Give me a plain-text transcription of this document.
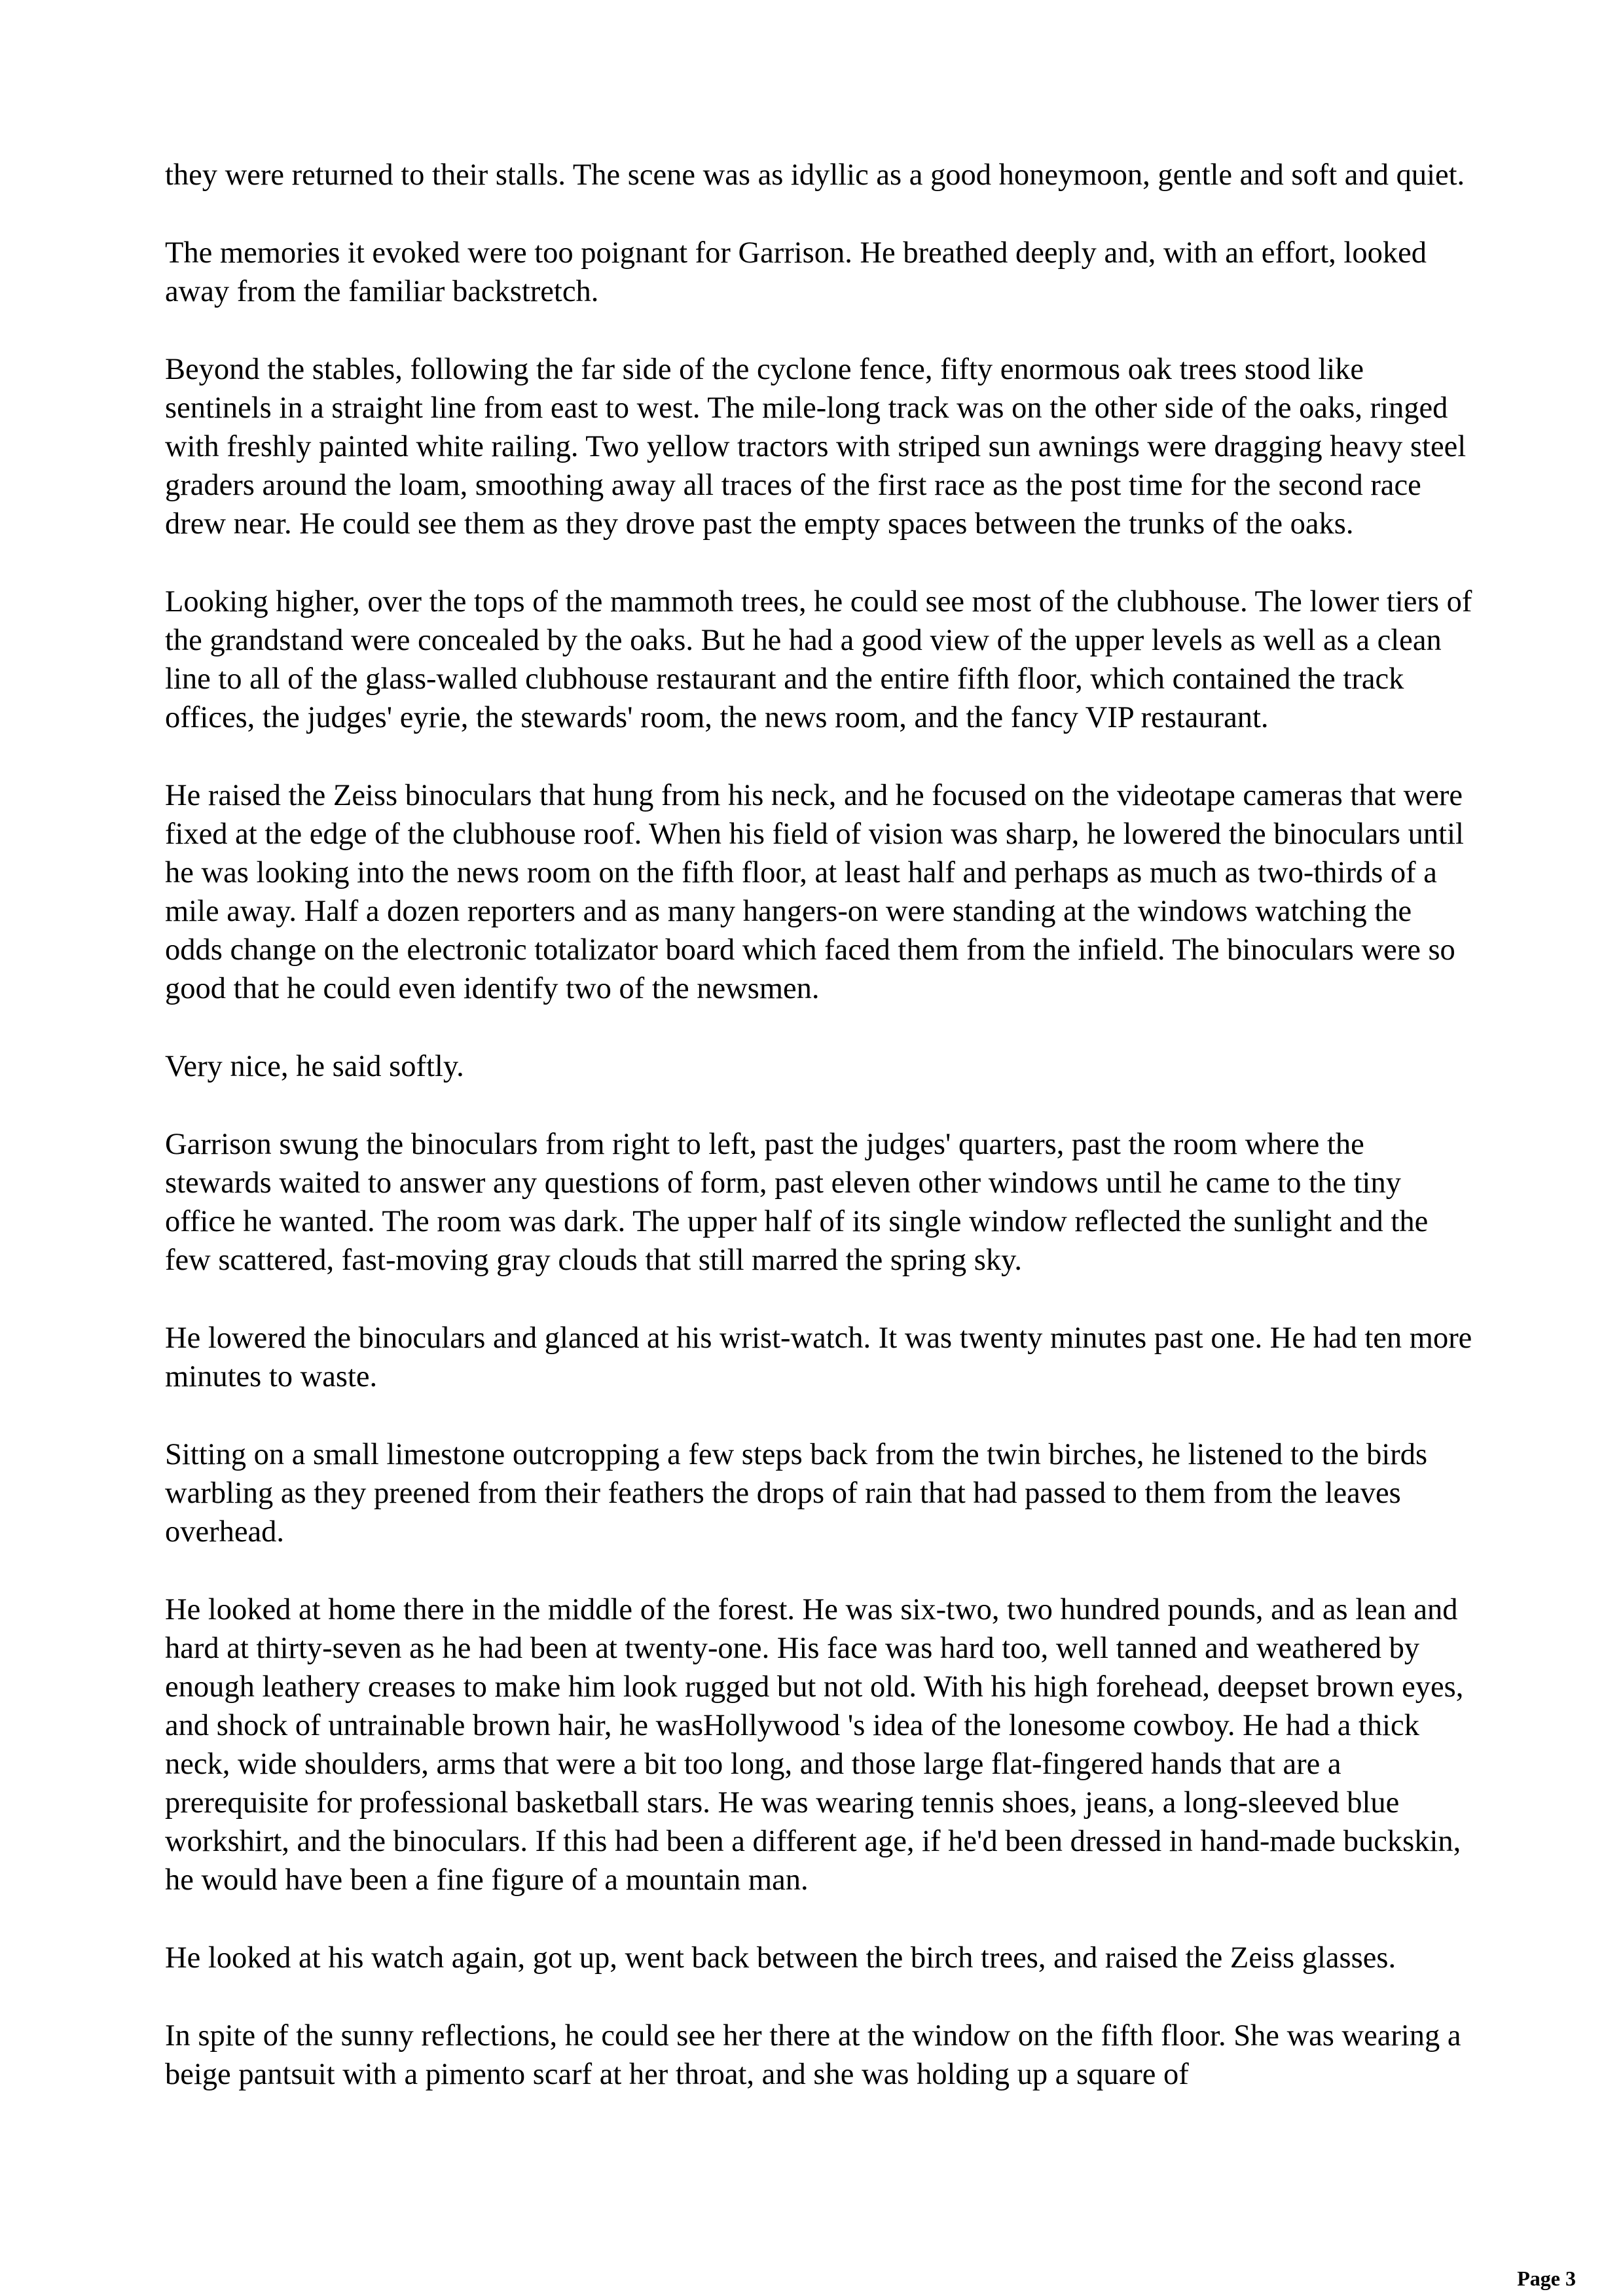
they were returned to their stalls. The scene was as idyllic as a good honeymoon, gentle and soft and quiet.

The memories it evoked were too poignant for Garrison. He breathed deeply and, with an effort, looked away from the familiar backstretch.

Beyond the stables, following the far side of the cyclone fence, fifty enormous oak trees stood like sentinels in a straight line from east to west. The mile-long track was on the other side of the oaks, ringed with freshly painted white railing. Two yellow tractors with striped sun awnings were dragging heavy steel graders around the loam, smoothing away all traces of the first race as the post time for the second race drew near. He could see them as they drove past the empty spaces between the trunks of the oaks.

Looking higher, over the tops of the mammoth trees, he could see most of the clubhouse. The lower tiers of the grandstand were concealed by the oaks. But he had a good view of the upper levels as well as a clean line to all of the glass-walled clubhouse restaurant and the entire fifth floor, which contained the track offices, the judges' eyrie, the stewards' room, the news room, and the fancy VIP restaurant.

He raised the Zeiss binoculars that hung from his neck, and he focused on the videotape cameras that were fixed at the edge of the clubhouse roof. When his field of vision was sharp, he lowered the binoculars until he was looking into the news room on the fifth floor, at least half and perhaps as much as two-thirds of a mile away. Half a dozen reporters and as many hangers-on were standing at the windows watching the odds change on the electronic totalizator board which faced them from the infield. The binoculars were so good that he could even identify two of the newsmen.

Very nice, he said softly.

Garrison swung the binoculars from right to left, past the judges' quarters, past the room where the stewards waited to answer any questions of form, past eleven other windows until he came to the tiny office he wanted. The room was dark. The upper half of its single window reflected the sunlight and the few scattered, fast-moving gray clouds that still marred the spring sky.

He lowered the binoculars and glanced at his wrist-watch. It was twenty minutes past one. He had ten more minutes to waste.

Sitting on a small limestone outcropping a few steps back from the twin birches, he listened to the birds warbling as they preened from their feathers the drops of rain that had passed to them from the leaves overhead.

He looked at home there in the middle of the forest. He was six-two, two hundred pounds, and as lean and hard at thirty-seven as he had been at twenty-one. His face was hard too, well tanned and weathered by enough leathery creases to make him look rugged but not old. With his high forehead, deepset brown eyes, and shock of untrainable brown hair, he wasHollywood 's idea of the lonesome cowboy. He had a thick neck, wide shoulders, arms that were a bit too long, and those large flat-fingered hands that are a prerequisite for professional basketball stars. He was wearing tennis shoes, jeans, a long-sleeved blue workshirt, and the binoculars. If this had been a different age, if he'd been dressed in hand-made buckskin, he would have been a fine figure of a mountain man.

He looked at his watch again, got up, went back between the birch trees, and raised the Zeiss glasses.

In spite of the sunny reflections, he could see her there at the window on the fifth floor. She was wearing a beige pantsuit with a pimento scarf at her throat, and she was holding up a square of

Page 3
